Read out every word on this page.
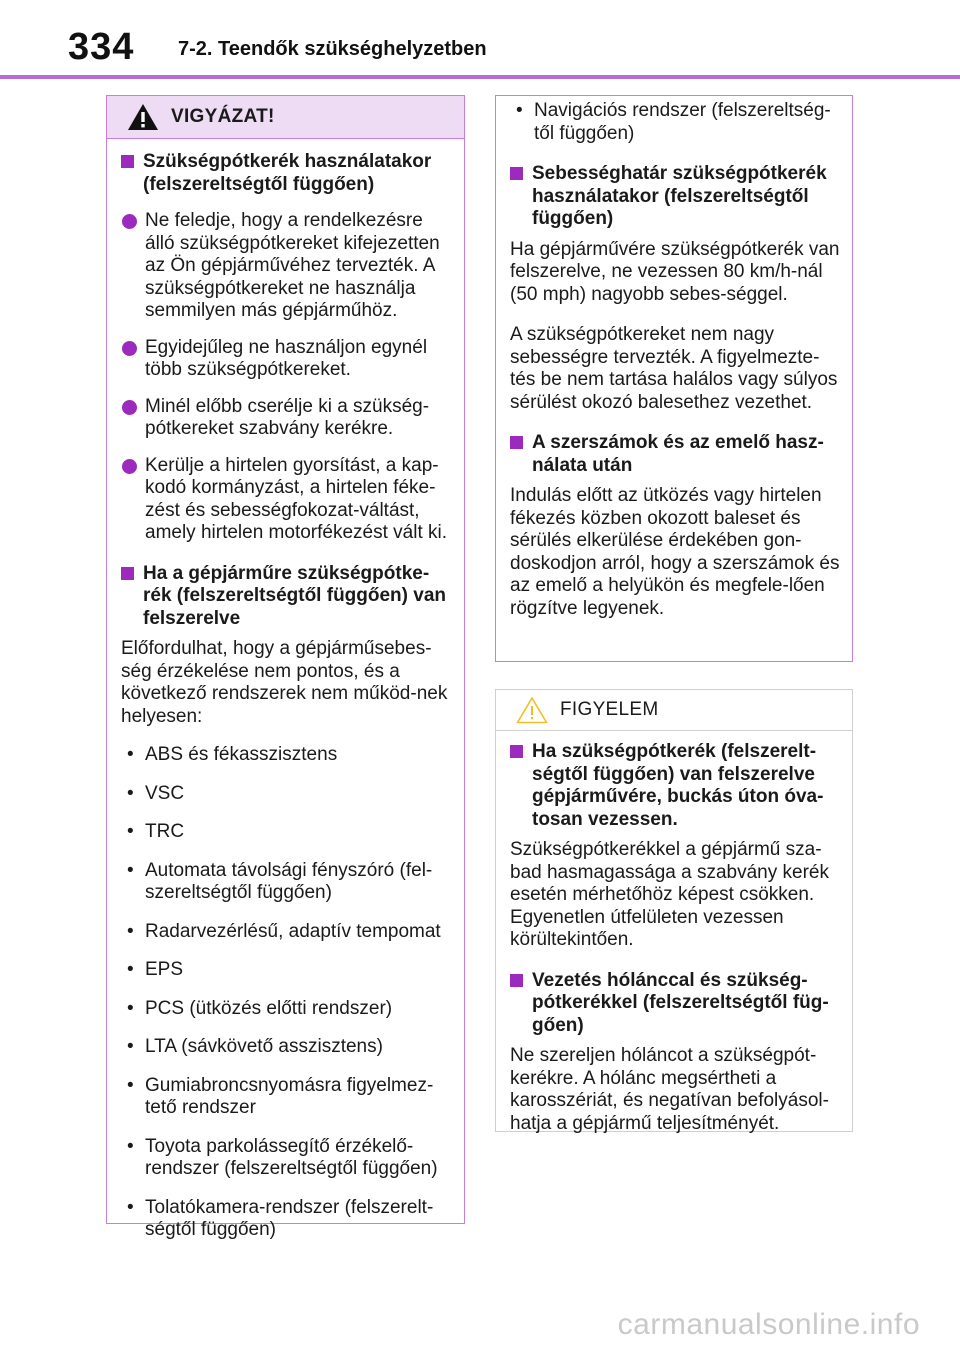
334 7-2. Teendők szükséghelyzetben
VIGYÁZAT!
Szükségpótkerék használatakor (felszereltségtől függően)
Ne feledje, hogy a rendelkezésre álló szükségpótkereket kifejezetten az Ön gépjárművéhez tervezték. A szükségpótkereket ne használja semmilyen más gépjárműhöz.
Egyidejűleg ne használjon egynél több szükségpótkereket.
Minél előbb cserélje ki a szükség-pótkereket szabvány kerékre.
Kerülje a hirtelen gyorsítást, a kap-kodó kormányzást, a hirtelen féke-zést és sebességfokozat-váltást, amely hirtelen motorfékezést vált ki.
Ha a gépjárműre szükségpótke-rék (felszereltségtől függően) van felszerelve
Előfordulhat, hogy a gépjárműsebes-ség érzékelése nem pontos, és a következő rendszerek nem működ-nek helyesen:
• ABS és fékasszisztens
• VSC
• TRC
• Automata távolsági fényszóró (fel-szereltségtől függően)
• Radarvezérlésű, adaptív tempomat
• EPS
• PCS (ütközés előtti rendszer)
• LTA (sávkövető asszisztens)
• Gumiabroncsnyomásra figyelmez-tető rendszer
• Toyota parkolássegítő érzékelő-rendszer (felszereltségtől függően)
• Tolatókamera-rendszer (felszerelt-ségtől függően)
• Navigációs rendszer (felszereltség-től függően)
Sebességhatár szükségpótkerék használatakor (felszereltségtől függően)
Ha gépjárművére szükségpótkerék van felszerelve, ne vezessen 80 km/h-nál (50 mph) nagyobb sebes-séggel.
A szükségpótkereket nem nagy sebességre tervezték. A figyelmezte-tés be nem tartása halálos vagy súlyos sérülést okozó balesethez vezethet.
A szerszámok és az emelő hasz-nálata után
Indulás előtt az ütközés vagy hirtelen fékezés közben okozott baleset és sérülés elkerülése érdekében gon-doskodjon arról, hogy a szerszámok és az emelő a helyükön és megfele-lően rögzítve legyenek.
FIGYELEM
Ha szükségpótkerék (felszerelt-ségtől függően) van felszerelve gépjárművére, buckás úton óva-tosan vezessen.
Szükségpótkerékkel a gépjármű sza-bad hasmagassága a szabvány kerék esetén mérhetőhöz képest csökken. Egyenetlen útfelületen vezessen körültekintően.
Vezetés hólánccal és szükség-pótkerékkel (felszereltségtől füg-gően)
Ne szereljen hóláncot a szükségpót-kerékre. A hólánc megsértheti a karosszériát, és negatívan befolyásol-hatja a gépjármű teljesítményét.
carmanualsonline.info
